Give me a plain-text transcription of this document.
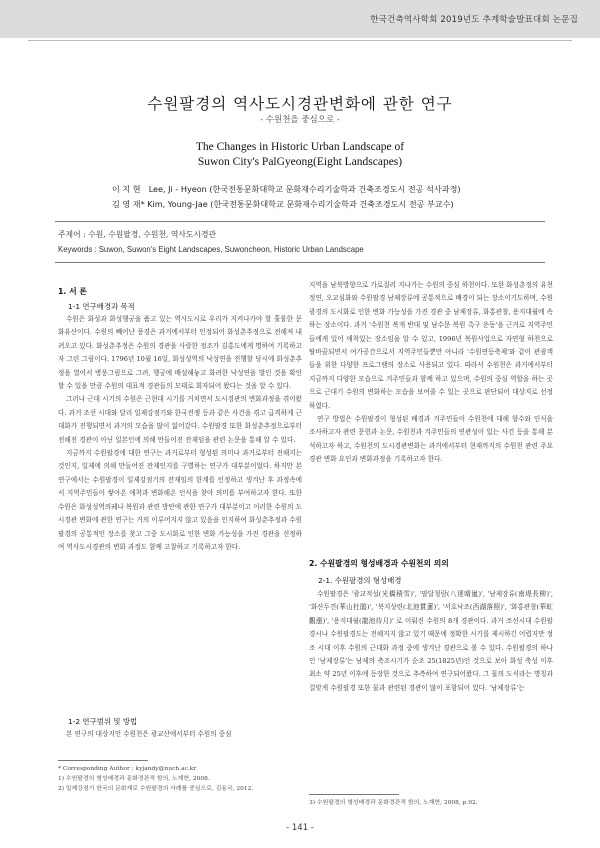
한국건축역사학회 2019년도 추계학술발표대회 논문집
수원팔경의 역사도시경관변화에 관한 연구
- 수원천을 중심으로 -
The Changes in Historic Urban Landscape of
Suwon City's PalGyeong(Eight Landscapes)
이 지 현　Lee, Ji - Hyeon (한국전통문화대학교 문화재수리기술학과 건축조경도시 전공 석사과정)
김 영 재* Kim, Young-Jae (한국전통문화대학교 문화재수리기술학과 건축조경도시 전공 부교수)
주제어 : 수원, 수원팔경, 수원천, 역사도시경관
Keywords : Suwon, Suwon's Eight Landscapes, Suwoncheon, Historic Urban Landscape
1. 서 론
1-1 연구배경과 목적

수원은 화성과 화성행궁을 품고 있는 역사도시로 우리가 지켜나가야 할 훌륭한 문화유산이다. 수원의 빼어난 풍경은 과거에서부터 인정되어 화성춘추정으로 전해져 내려오고 있다. 화성춘추정은 수원의 경관을 사랑한 정조가 김홍도에게 명하여 기록하고자 그린 그림이다. 1796년 10월 16일, 화성성역의 낙성연을 진행할 당시에 화성춘추정을 열어서 병풍그림으로 그려, 행궁에 배설해놓고 화려한 낙성연을 벌인 것을 확인할 수 있을 만큼 수원의 대표적 경관들의 모태로 회자되어 왔다는 것을 알 수 있다.

그러나 근대 시기의 수원은 근현대 시기를 거치면서 도시경관의 변화과정을 겪어왔다. 과거 조선 시대와 달리 일제강점기와 한국전쟁 등과 같은 사건을 겪고 급격하게 근대화가 진행되면서 과거의 모습을 많이 잃어갔다. 수원팔경 또한 화성춘추정으로부터 전해진 경관이 아닌 일본인에 의해 만들어진 잔재임을 관련 논문을 통해 알 수 있다.

지금까지 수원팔경에 대한 연구는 과거로부터 형성된 의미나 과거로부터 전해지는 것인지, 일제에 의해 만들어진 잔재인지를 구별하는 연구가 대부분이었다. 하지만 본 연구에서는 수원팔경이 일제강점기의 잔재임의 한계를 인정하고 생겨난 후 과정속에서 지역주민들이 쌓아온 애착과 변화해온 인식을 찾아 의미를 부여하고자 한다. 또한 수원은 화성성역의궤나 복원과 관련 방안에 관한 연구가 대부분이고 이러한 수원의 도시경관 변화에 관한 연구는 거의 이루어지지 않고 있음을 인지하여 화성춘추정과 수원팔경의 공통적인 장소를 찾고 그중 도시화로 인한 변화 가능성을 가진 경관을 선정하여 역사도시경관의 변화 과정도 함께 고찰하고 기록하고자 한다.

1-2 연구범위 및 방법

본 연구의 대상지인 수원천은 광교산에서부터 수원의 중심

* Corresponding Author : kyjandy@nuch.ac.kr
1) 수원팔경의 형성배경과 문화경관적 함의, 노재현, 2008.
2) 일제강점기 한국의 문화재로 수원팔경의 사례를 중심으로, 김용국, 2012.

지역을 남북방향으로 가로질러 지나가는 수원의 중심 하천이다. 또한 화성춘정의 유천정연, 오교심화와 수원팔경 남제장류에 공통적으로 배경이 되는 장소이기도하며, 수원 광경의 도시화로 인한 변화 가능성을 가진 경관 중 남제장류, 화홍관창, 용지대월에 속하는 장소이다. 과거 '수원천 복개 반대 및 남수문 복원 촉구 운동'을 근거로 지역주민들에게 있어 애착있는 장소임을 알 수 있고, 1996년 복원사업으로 자연형 하천으로 탈바꿈되면서 여가공간으로서 지역주민들뿐만 아니라 '수원연등축제'와 같이 관광객들을 위한 다양한 프로그램의 장소로 사용되고 있다. 따라서 수원천은 과거에서부터 지금까지 다양한 모습으로 겨주민들과 함께 하고 있으며, 수원의 중심 역할을 하는 곳으로 근대기 수원의 변화하는 모습을 보여줄 수 있는 곳으로 판단되어 대상지로 선정하였다.

연구 방법은 수원팔경이 형성된 배경과 겨주민들이 수원천에 대해 향수와 인식을 조사하고자 관련 문헌과 논문, 수원천과 겨주민들의 연관성이 있는 사건 등을 통해 분석하고자 하고, 수원천의 도시경관변화는 과거에서부터 현재까지의 수원천 관련 주요 경관 변화 요인과 변화과정을 기록하고자 한다.

2. 수원팔경의 형성배경과 수원천의 의의
2-1. 수원팔경의 형성배경

수원팔경은 '광교적설(光橋積雪)', '팔달청람(八達晴嵐)', '남제장류(南堤長柳)', '화산두견(華山杜鵑)', '북지상련(北池賞蓮)', '서호낙조(西湖落照)', '화홍관창(華虹觀漲)', '용지대월(龍池待月)' 로 이뤄진 수원의 8개 경관이다. 과거 조선시대 수원팔경시나 수원팔경도는 전해지지 않고 있기 때문에 정확한 시기를 제시하긴 어렵지만 정조 시대 이후 수원의 근대화 과정 중에 생겨난 경관으로 볼 수 있다. 수원팔경의 하나인 '남제장류'는 남제의 축조시기가 순조 25(1825년)인 것으로 보아 화성 축성 이후 최소 약 25년 이후에 등장한 것으로 추측하여 연구되어왔다. 그 물의 도식라는 명칭과 걸맞게 수원팔경 또한 물과 관련된 경관이 많이 포함되어 있다. '남제장류'는

3) 수원팔경의 형성배경과 문화경관적 함의, 노재현, 2008, p.92.
- 141 -
